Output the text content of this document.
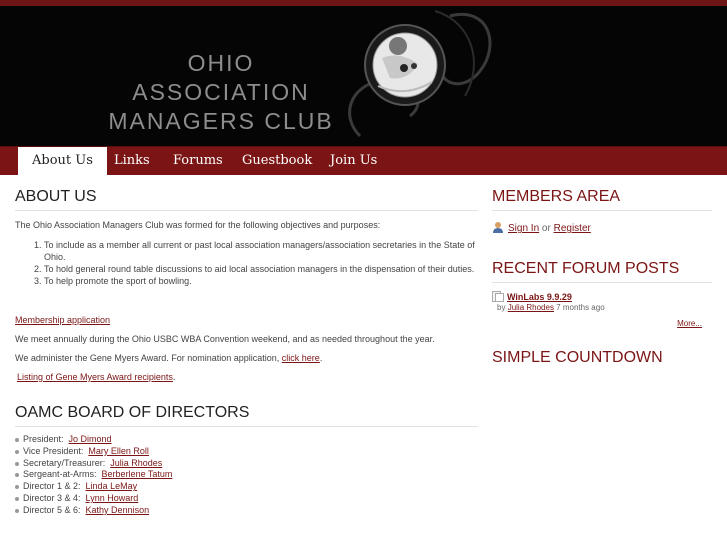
OHIO ASSOCIATION
MANAGERS CLUB
About Us	Links	Forums	Guestbook	Join Us
ABOUT US

The Ohio Association Managers Club was formed for the following objectives and purposes:

1. To include as a member all current or past local association managers/association secretaries in the State of Ohio.
2. To hold general round table discussions to aid local association managers in the dispensation of their duties.
3. To help promote the sport of bowling.

Membership application

We meet annually during the Ohio USBC WBA Convention weekend, and as needed throughout the year.

We administer the Gene Myers Award. For nomination application, click here.

Listing of Gene Myers Award recipients.

OAMC BOARD OF DIRECTORS
President: Jo Dimond
Vice President: Mary Ellen Roll
Secretary/Treasurer: Julia Rhodes
Sergeant-at-Arms: Berberlene Tatum
Director 1 & 2: Linda LeMay
Director 3 & 4: Lynn Howard
Director 5 & 6: Kathy Dennison
MEMBERS AREA
Sign In or Register
RECENT FORUM POSTS
WinLabs 9.9.29
by Julia Rhodes 7 months ago
More...
SIMPLE COUNTDOWN
